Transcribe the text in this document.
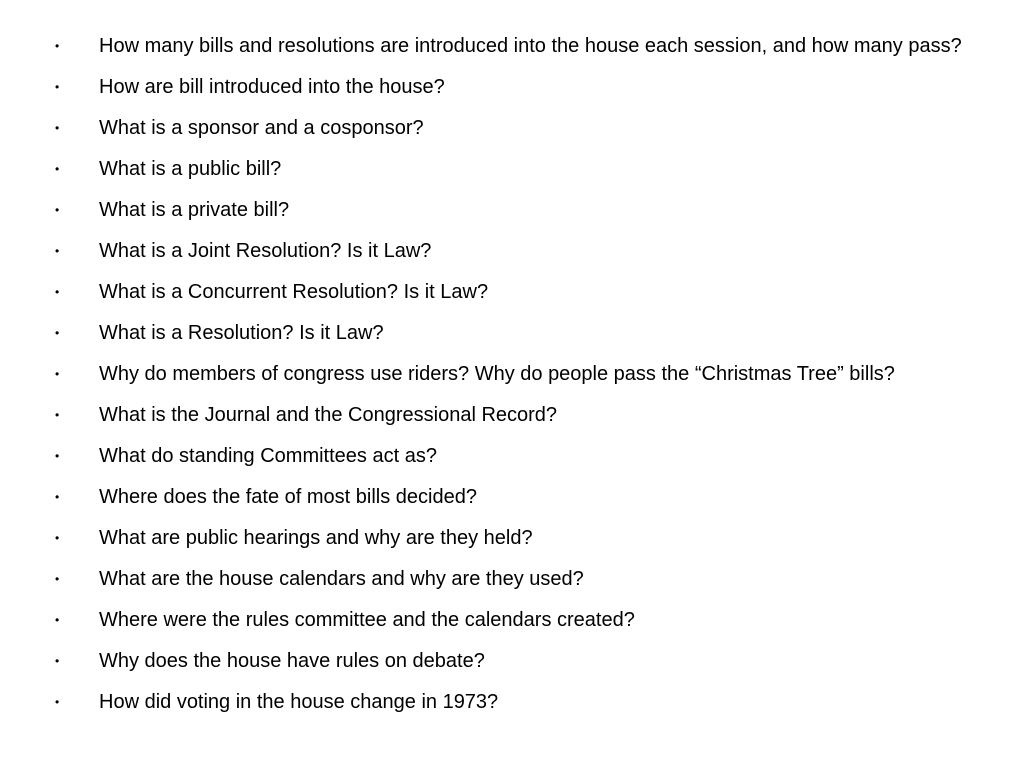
• How many bills and resolutions are introduced into the house each session, and how many pass?
• How are bill introduced into the house?
• What is a sponsor and a cosponsor?
• What is a public bill?
• What is a private bill?
• What is a Joint Resolution? Is it Law?
• What is a Concurrent Resolution? Is it Law?
• What is a Resolution? Is it Law?
• Why do members of congress use riders? Why do people pass the “Christmas Tree” bills?
• What is the Journal and the Congressional Record?
• What do standing Committees act as?
• Where does the fate of most bills decided?
• What are public hearings and why are they held?
• What are the house calendars and why are they used?
• Where were the rules committee and the calendars created?
• Why does the house have rules on debate?
• How did voting in the house change in 1973?
